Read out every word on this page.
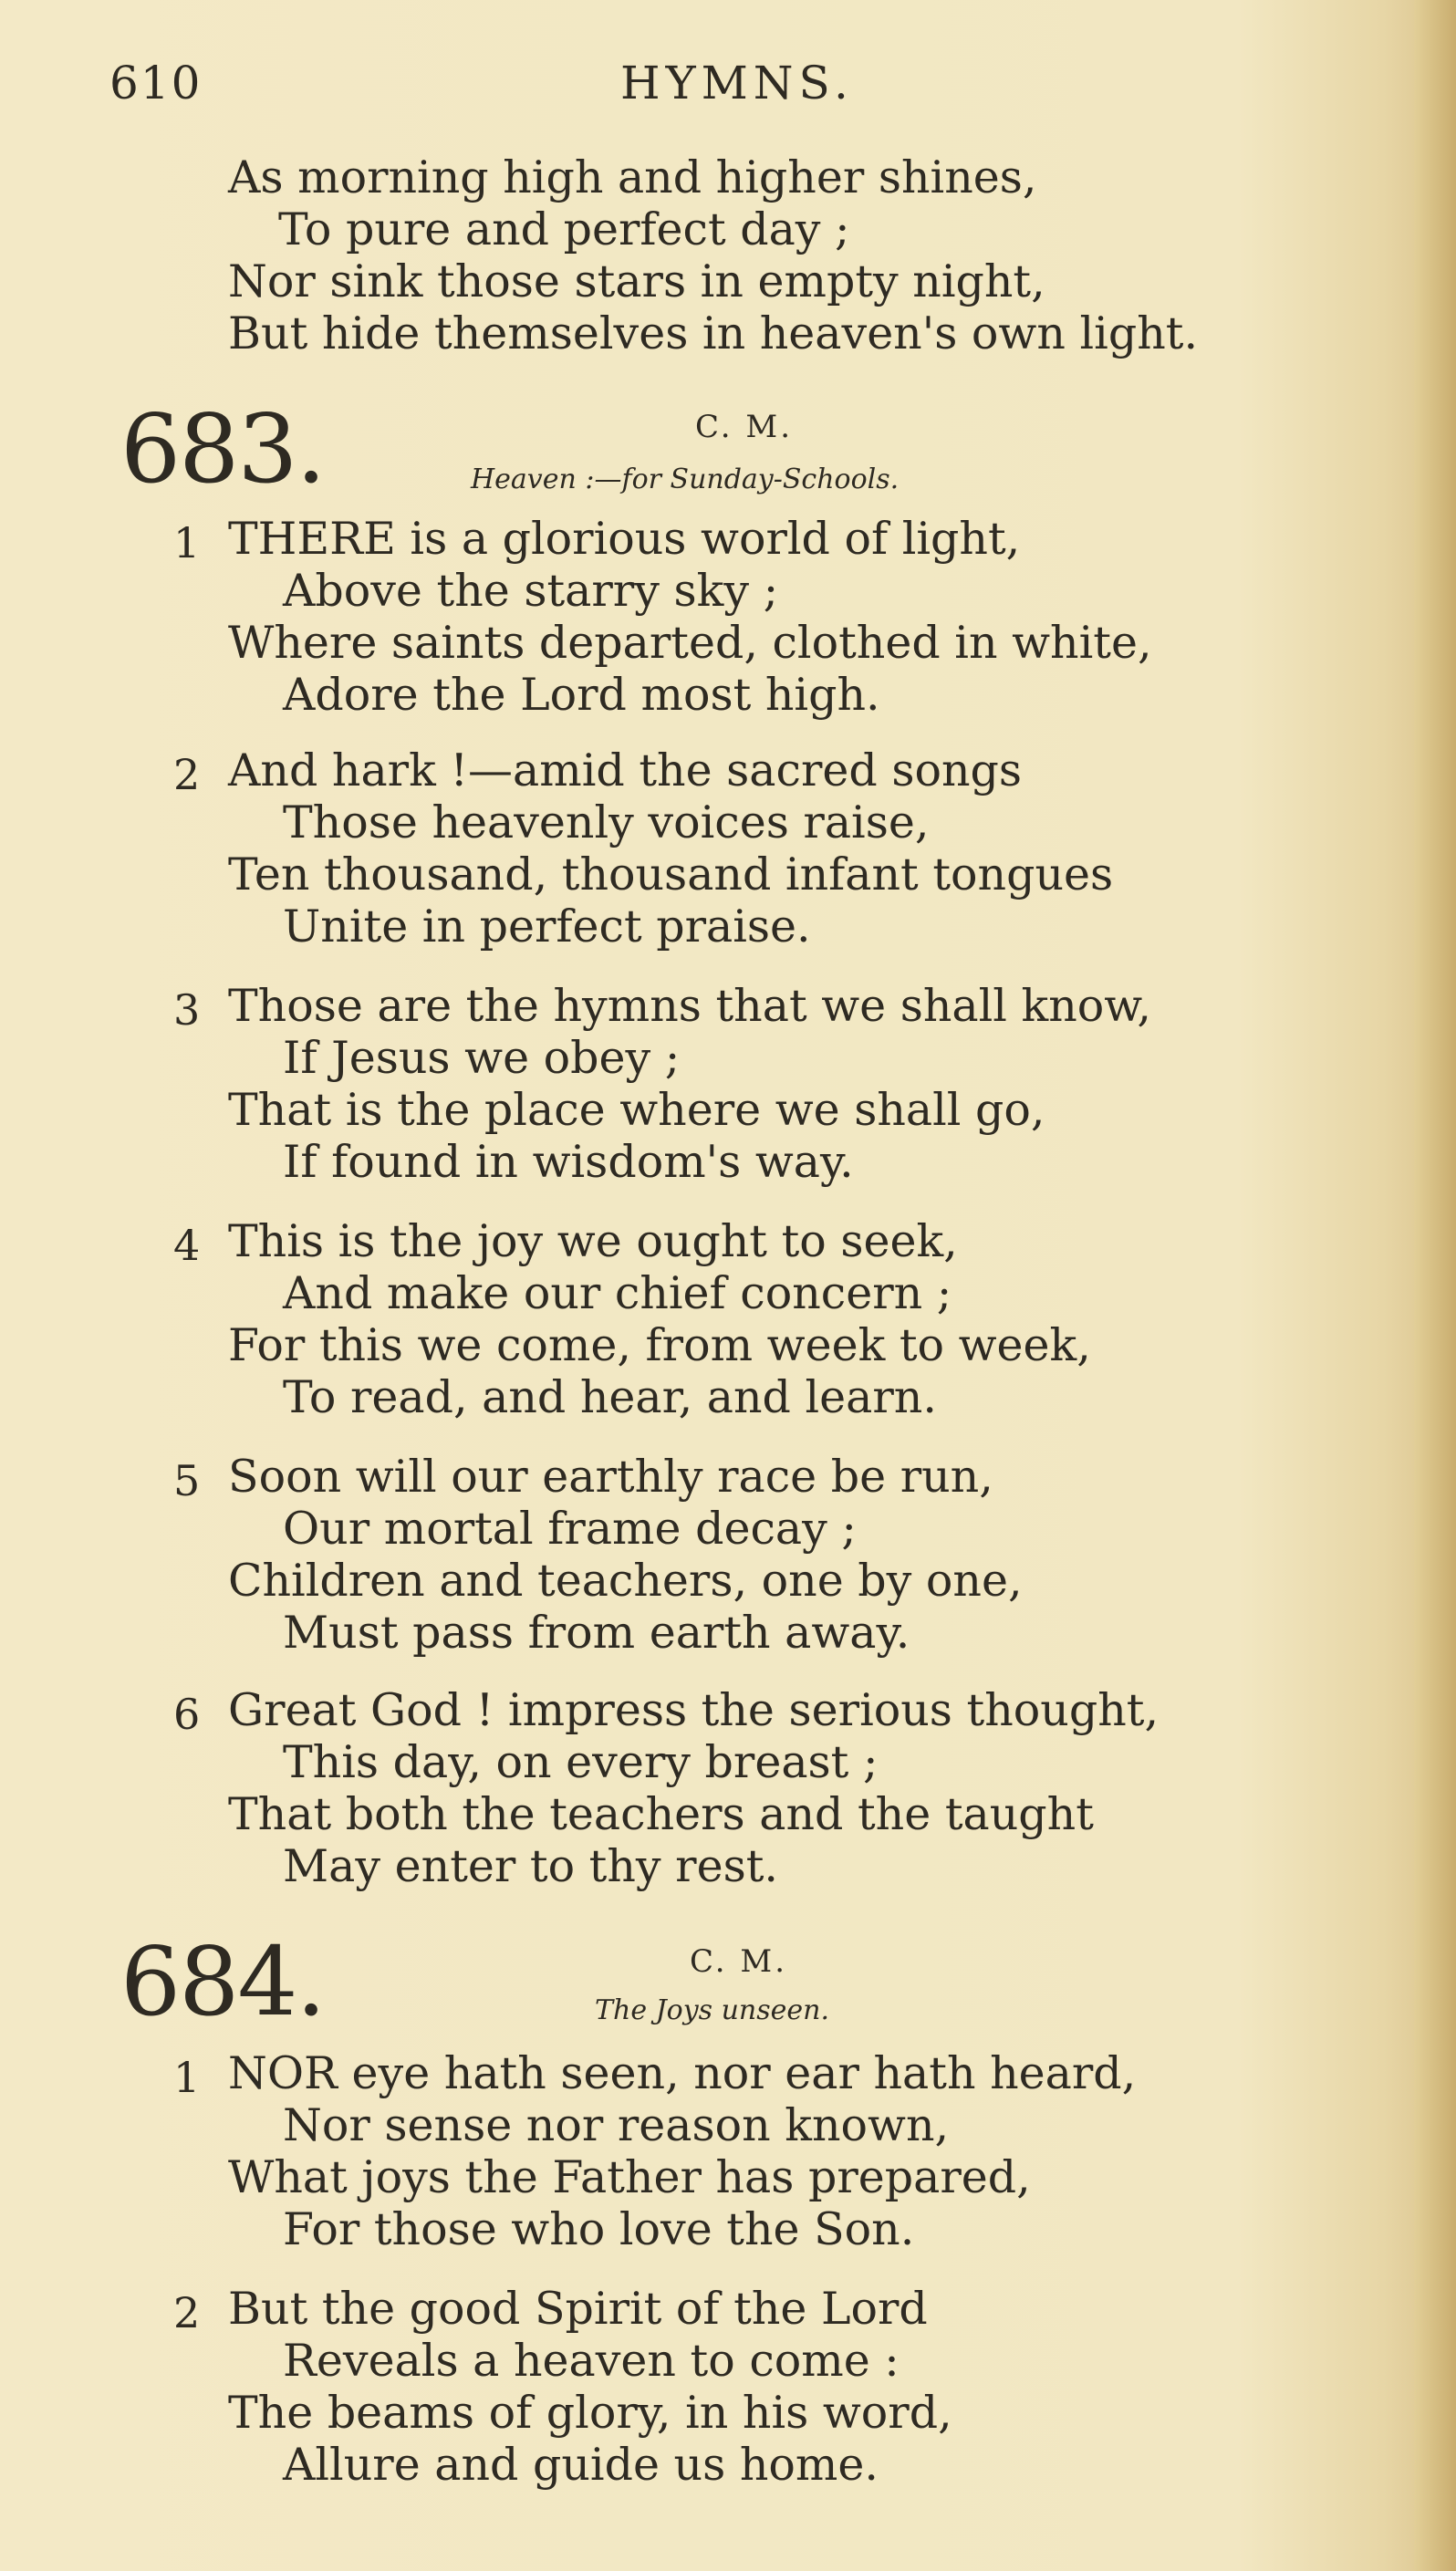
610	HYMNS.
As morning high and higher shines,
To pure and perfect day ;
Nor sink those stars in empty night,
But hide themselves in heaven's own light.
683.	C. M.
Heaven :—for Sunday-Schools.
1 THERE is a glorious world of light,
Above the starry sky ;
Where saints departed, clothed in white,
Adore the Lord most high.
2 And hark !—amid the sacred songs
Those heavenly voices raise,
Ten thousand, thousand infant tongues
Unite in perfect praise.
3 Those are the hymns that we shall know,
If Jesus we obey ;
That is the place where we shall go,
If found in wisdom's way.
4 This is the joy we ought to seek,
And make our chief concern ;
For this we come, from week to week,
To read, and hear, and learn.
5 Soon will our earthly race be run,
Our mortal frame decay ;
Children and teachers, one by one,
Must pass from earth away.
6 Great God ! impress the serious thought,
This day, on every breast ;
That both the teachers and the taught
May enter to thy rest.
684.	C. M.
The Joys unseen.
1 NOR eye hath seen, nor ear hath heard,
Nor sense nor reason known,
What joys the Father has prepared,
For those who love the Son.
2 But the good Spirit of the Lord
Reveals a heaven to come :
The beams of glory, in his word,
Allure and guide us home.
